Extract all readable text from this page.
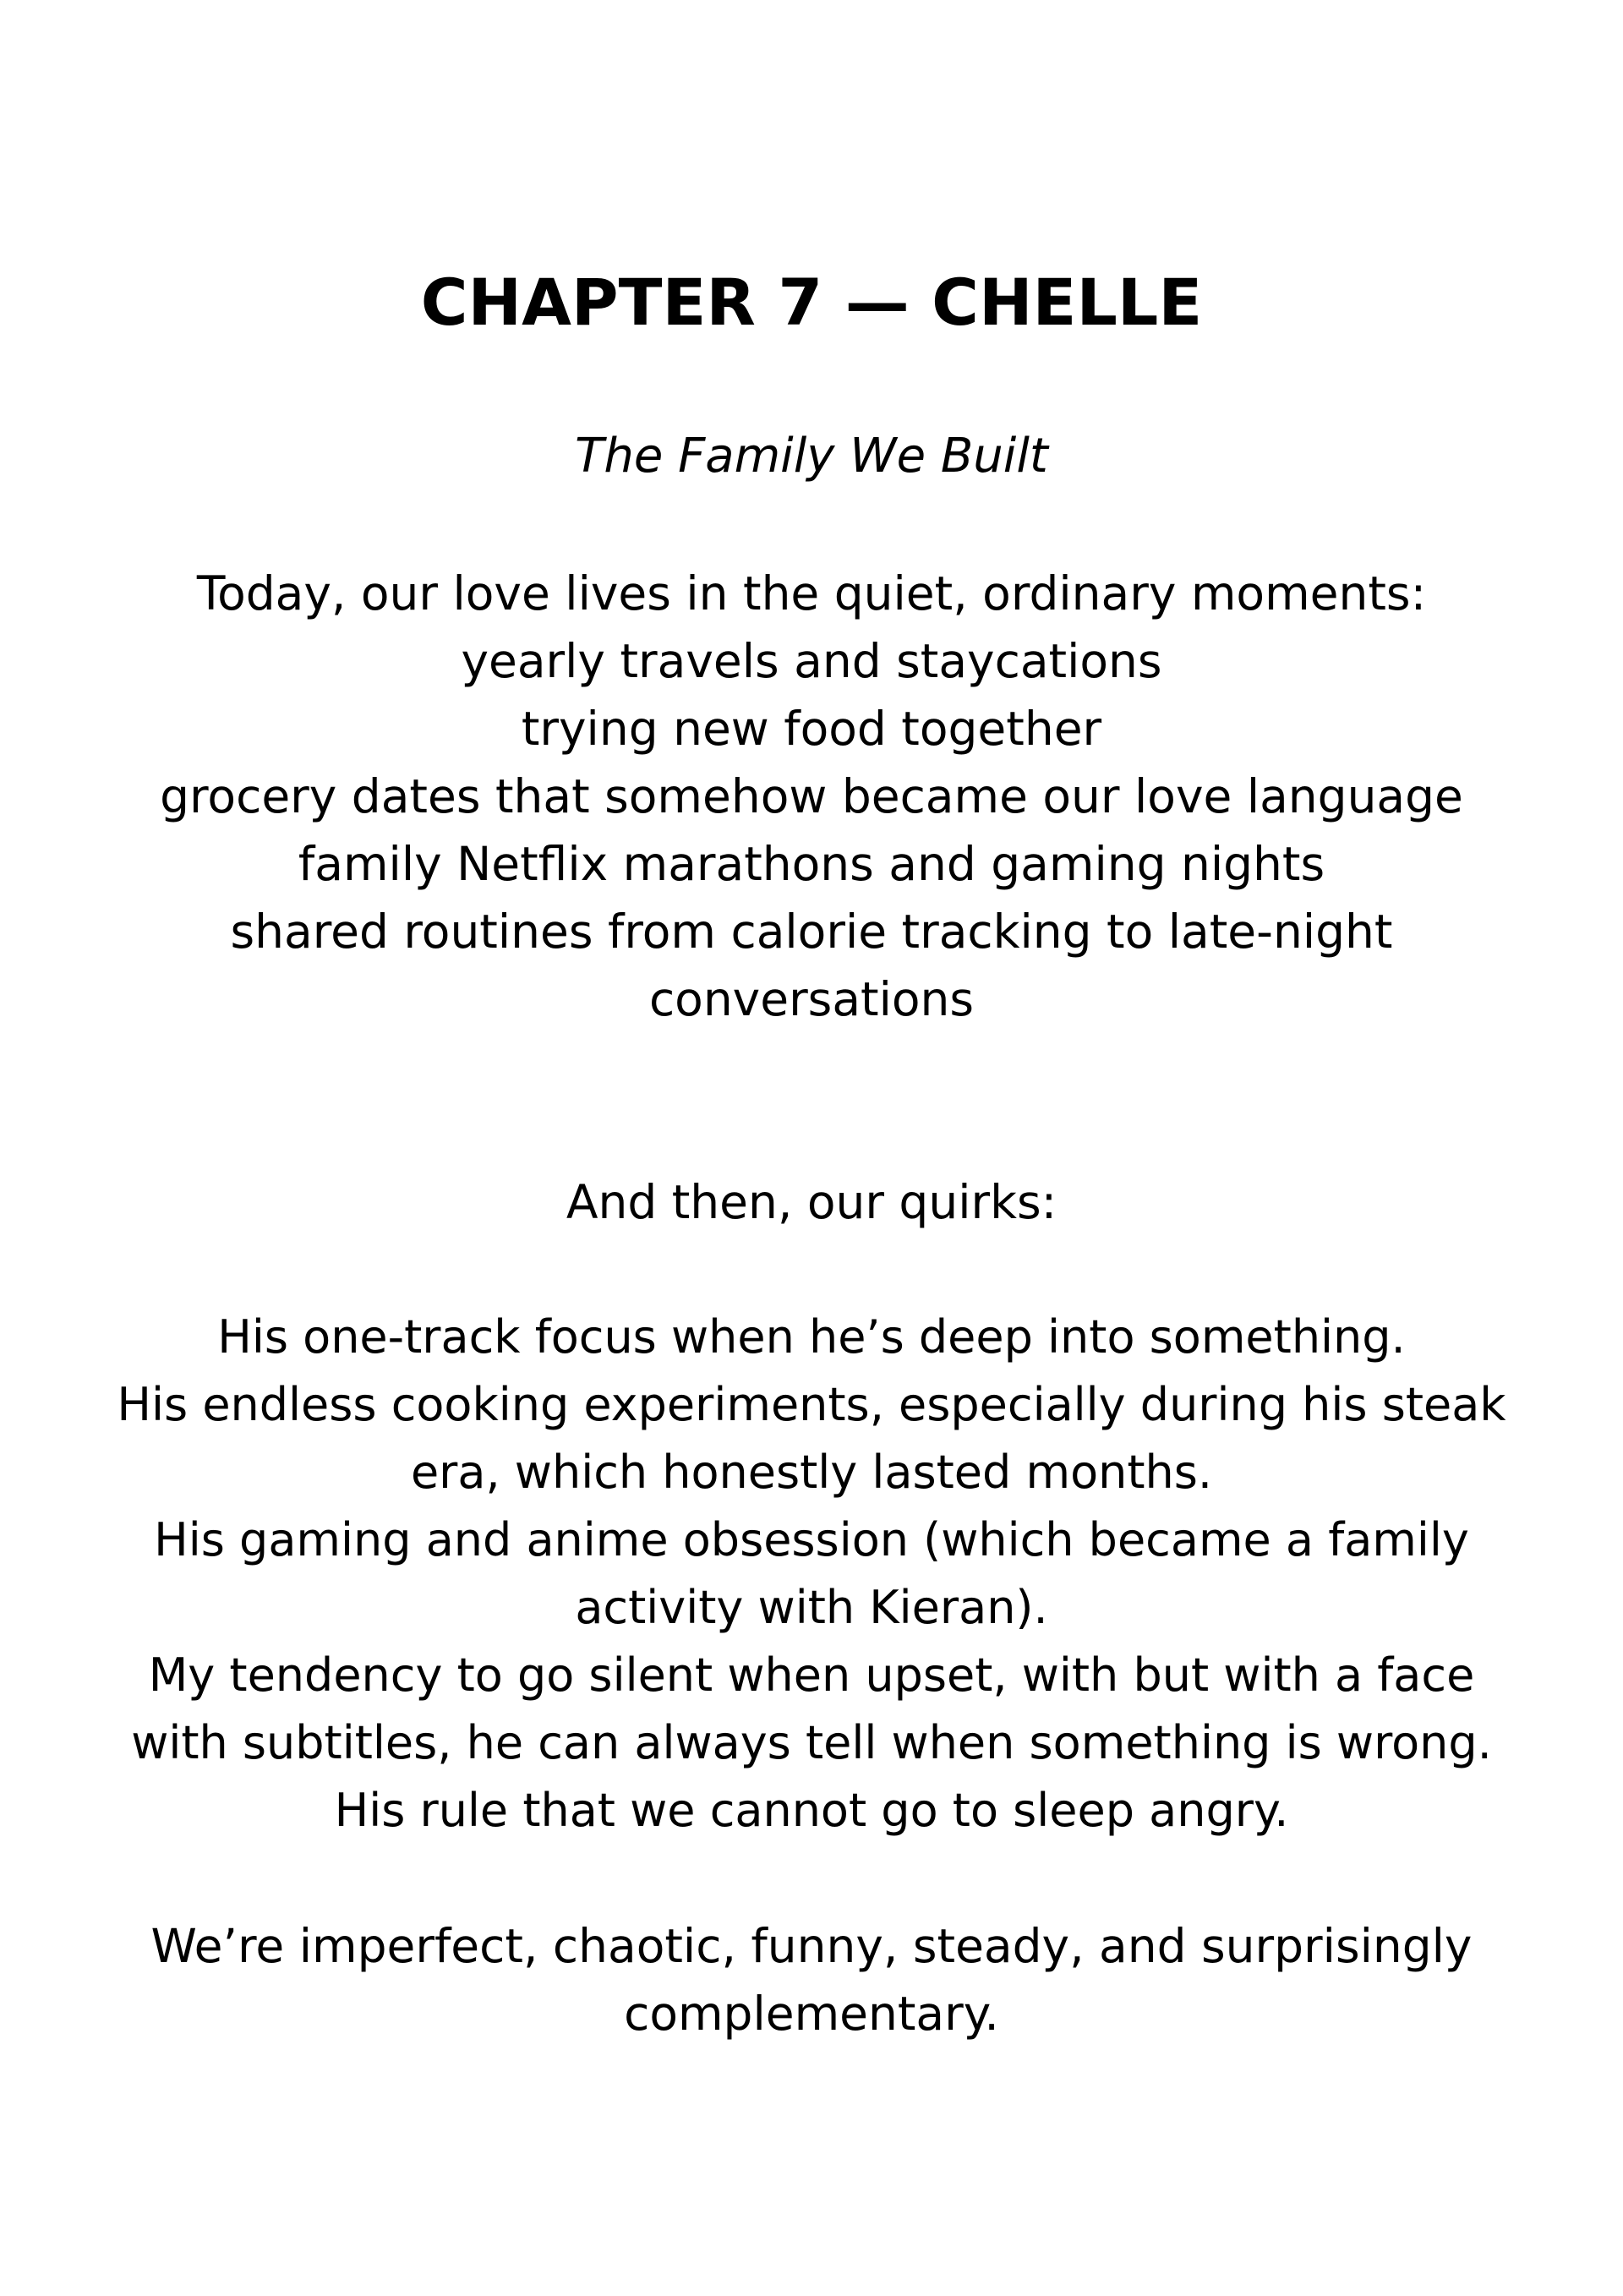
CHAPTER 7 — CHELLE

The Family We Built

Today, our love lives in the quiet, ordinary moments:
yearly travels and staycations
trying new food together
grocery dates that somehow became our love language
family Netflix marathons and gaming nights
shared routines from calorie tracking to late-night
conversations
And then, our quirks:
His one-track focus when he’s deep into something.
His endless cooking experiments, especially during his steak
era, which honestly lasted months.
His gaming and anime obsession (which became a family
activity with Kieran).
My tendency to go silent when upset, with but with a face
with subtitles, he can always tell when something is wrong.
His rule that we cannot go to sleep angry.
We’re imperfect, chaotic, funny, steady, and surprisingly
complementary.
